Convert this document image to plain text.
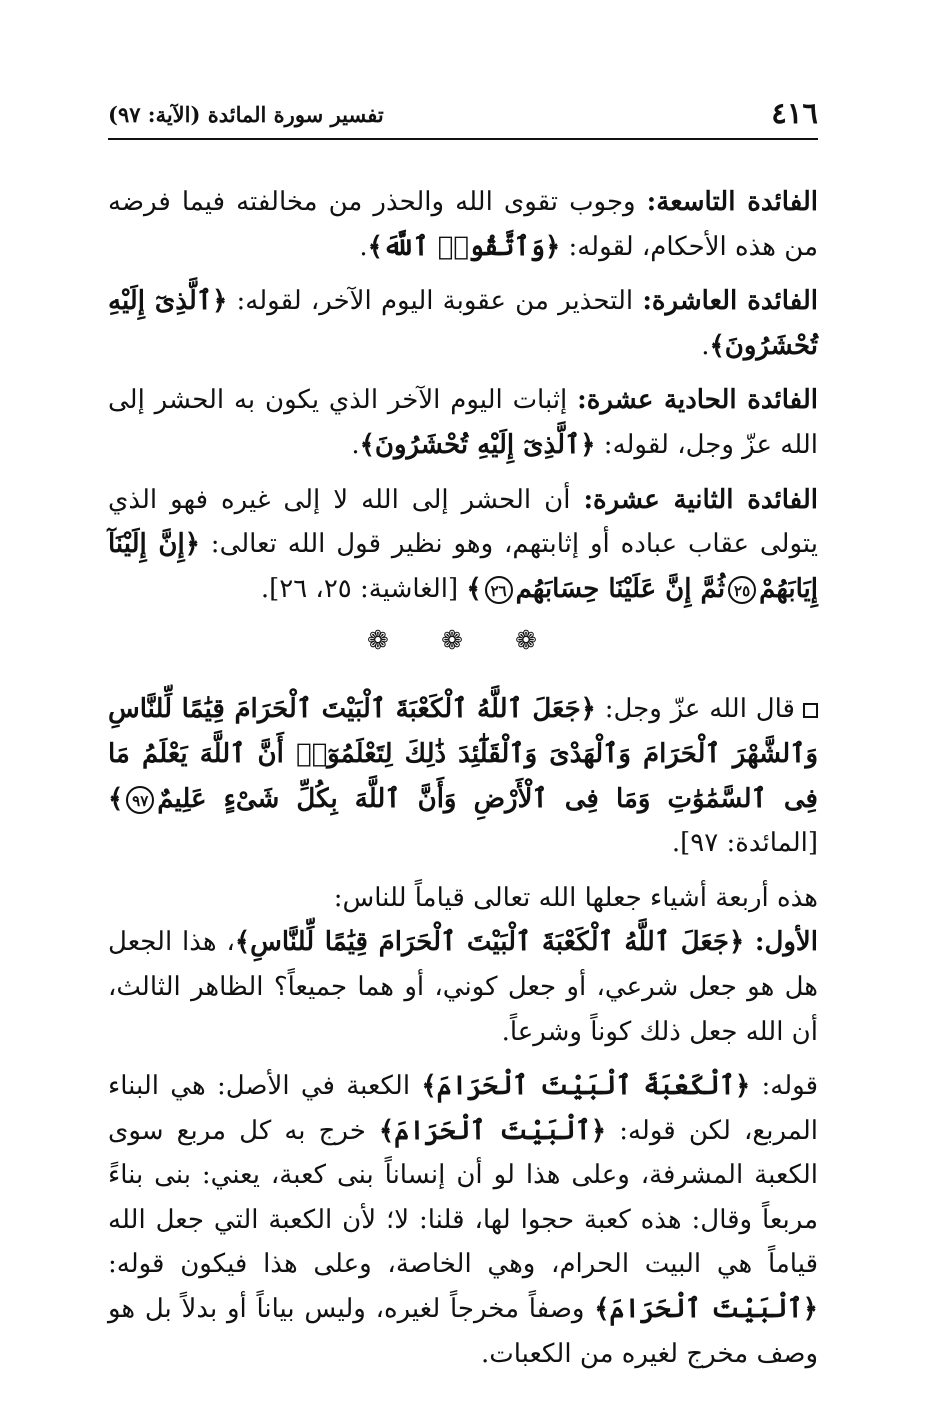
٤١٦
تفسير سورة المائدة (الآية: ٩٧)

الفائدة التاسعة: وجوب تقوى الله والحذر من مخالفته فيما فرضه من هذه الأحكام، لقوله: ﴿وَٱتَّقُوا۟ ٱللَّهَ﴾.

الفائدة العاشرة: التحذير من عقوبة اليوم الآخر، لقوله: ﴿ٱلَّذِىٓ إِلَيْهِ تُحْشَرُونَ﴾.

الفائدة الحادية عشرة: إثبات اليوم الآخر الذي يكون به الحشر إلى الله عزّ وجل، لقوله: ﴿ٱلَّذِىٓ إِلَيْهِ تُحْشَرُونَ﴾.

الفائدة الثانية عشرة: أن الحشر إلى الله لا إلى غيره فهو الذي يتولى عقاب عباده أو إثابتهم، وهو نظير قول الله تعالى: ﴿إِنَّ إِلَيْنَآ إِيَابَهُمْ٢٥ثُمَّ إِنَّ عَلَيْنَا حِسَابَهُم٢٦﴾ [الغاشية: ٢٥، ٢٦].

❁ ❁ ❁

قال الله عزّ وجل: ﴿جَعَلَ ٱللَّهُ ٱلْكَعْبَةَ ٱلْبَيْتَ ٱلْحَرَامَ قِيَٰمًا لِّلنَّاسِ وَٱلشَّهْرَ ٱلْحَرَامَ وَٱلْهَدْىَ وَٱلْقَلَٰٓئِدَ ذَٰلِكَ لِتَعْلَمُوٓا۟ أَنَّ ٱللَّهَ يَعْلَمُ مَا فِى ٱلسَّمَٰوَٰتِ وَمَا فِى ٱلْأَرْضِ وَأَنَّ ٱللَّهَ بِكُلِّ شَىْءٍ عَلِيمٌ٩٧﴾ [المائدة: ٩٧].

هذه أربعة أشياء جعلها الله تعالى قياماً للناس:

الأول: ﴿جَعَلَ ٱللَّهُ ٱلْكَعْبَةَ ٱلْبَيْتَ ٱلْحَرَامَ قِيَٰمًا لِّلنَّاسِ﴾، هذا الجعل هل هو جعل شرعي، أو جعل كوني، أو هما جميعاً؟ الظاهر الثالث، أن الله جعل ذلك كوناً وشرعاً.

قوله: ﴿ٱلْكَعْبَةَ ٱلْبَيْتَ ٱلْحَرَامَ﴾ الكعبة في الأصل: هي البناء المربع، لكن قوله: ﴿ٱلْبَيْتَ ٱلْحَرَامَ﴾ خرج به كل مربع سوى الكعبة المشرفة، وعلى هذا لو أن إنساناً بنى كعبة، يعني: بنى بناءً مربعاً وقال: هذه كعبة حجوا لها، قلنا: لا؛ لأن الكعبة التي جعل الله قياماً هي البيت الحرام، وهي الخاصة، وعلى هذا فيكون قوله: ﴿ٱلْبَيْتَ ٱلْحَرَامَ﴾ وصفاً مخرجاً لغيره، وليس بياناً أو بدلاً بل هو وصف مخرج لغيره من الكعبات.
